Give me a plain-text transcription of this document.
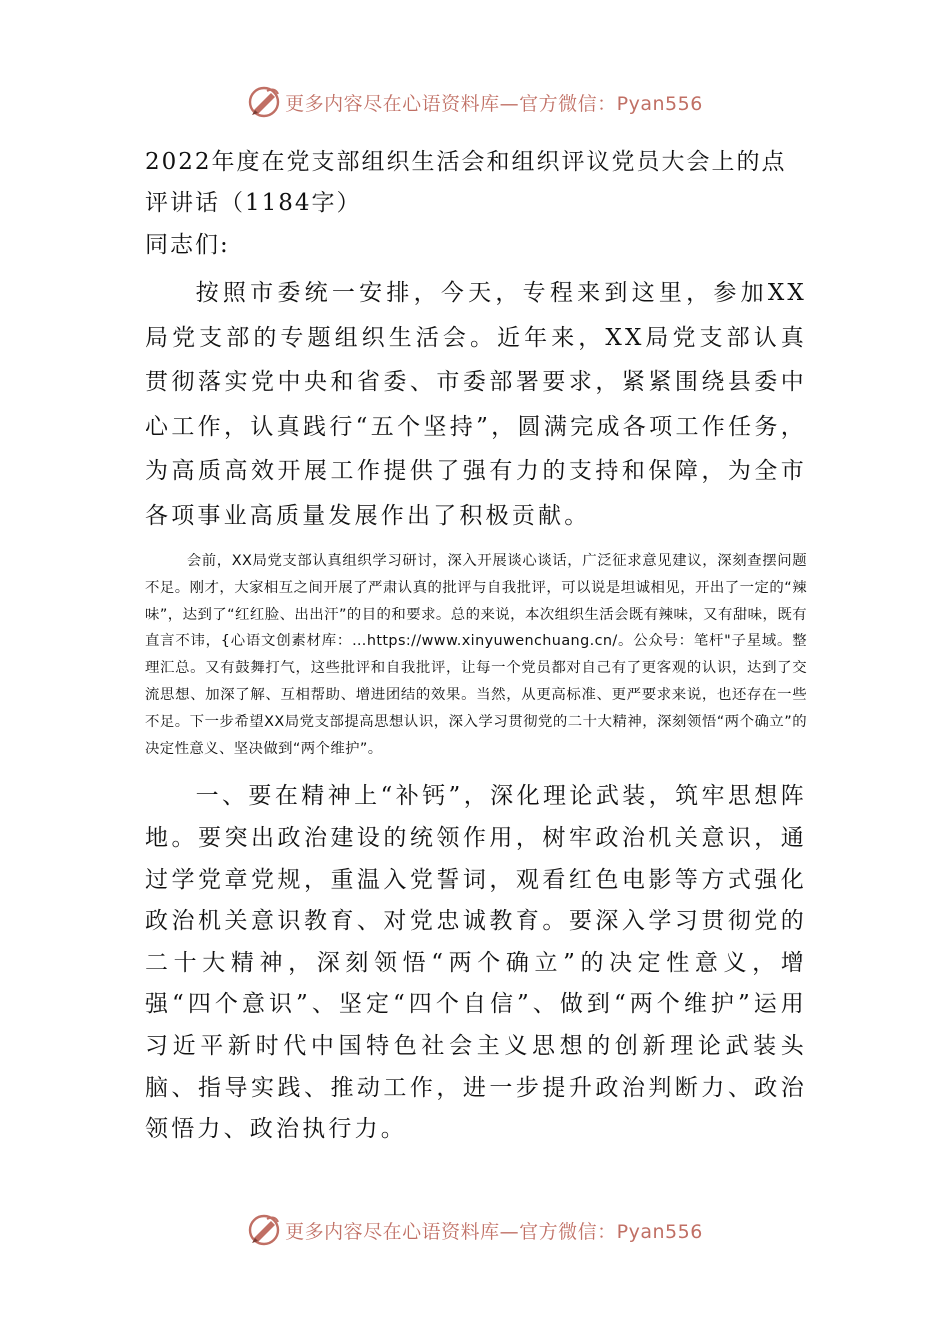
更多内容尽在心语资料库—官方微信：Pyan556
2022年度在党支部组织生活会和组织评议党员大会上的点评讲话（1184字）

同志们:

按照市委统一安排，今天，专程来到这里，参加XX局党支部的专题组织生活会。近年来，XX局党支部认真贯彻落实党中央和省委、市委部署要求，紧紧围绕县委中心工作，认真践行“五个坚持”，圆满完成各项工作任务，为高质高效开展工作提供了强有力的支持和保障，为全市各项事业高质量发展作出了积极贡献。

会前，XX局党支部认真组织学习研讨，深入开展谈心谈话，广泛征求意见建议，深刻查摆问题不足。刚才，大家相互之间开展了严肃认真的批评与自我批评，可以说是坦诚相见，开出了一定的“辣味”，达到了“红红脸、出出汗”的目的和要求。总的来说，本次组织生活会既有辣味，又有甜味，既有直言不讳，{心语文创素材库：…https://www.xinyuwenchuang.cn/。公众号：笔杆"子星域。整理汇总。又有鼓舞打气，这些批评和自我批评，让每一个党员都对自己有了更客观的认识，达到了交流思想、加深了解、互相帮助、增进团结的效果。当然，从更高标准、更严要求来说，也还存在一些不足。下一步希望XX局党支部提高思想认识，深入学习贯彻党的二十大精神，深刻领悟“两个确立”的决定性意义、坚决做到“两个维护”。

一、要在精神上“补钙”，深化理论武装，筑牢思想阵地。要突出政治建设的统领作用，树牢政治机关意识，通过学党章党规，重温入党誓词，观看红色电影等方式强化政治机关意识教育、对党忠诚教育。要深入学习贯彻党的二十大精神，深刻领悟“两个确立”的决定性意义，增强“四个意识”、坚定“四个自信”、做到“两个维护”运用习近平新时代中国特色社会主义思想的创新理论武装头脑、指导实践、推动工作，进一步提升政治判断力、政治领悟力、政治执行力。

更多内容尽在心语资料库—官方微信：Pyan556
